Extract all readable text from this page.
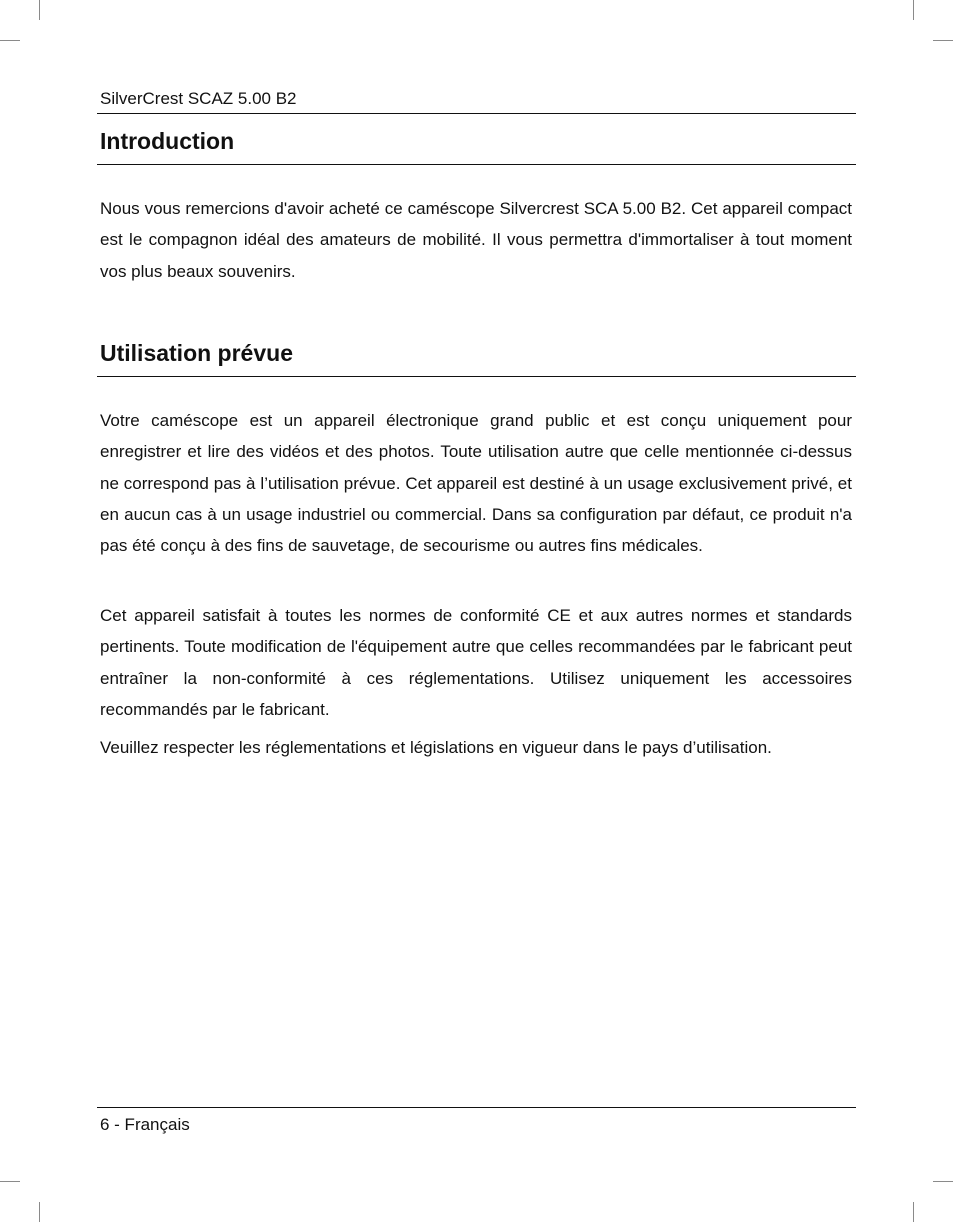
SilverCrest SCAZ 5.00 B2
Introduction

Nous vous remercions d'avoir acheté ce caméscope Silvercrest SCA 5.00 B2. Cet appareil compact est le compagnon idéal des amateurs de mobilité. Il vous permettra d'immortaliser à tout moment vos plus beaux souvenirs.

Utilisation prévue

Votre caméscope est un appareil électronique grand public et est conçu uniquement pour enregistrer et lire des vidéos et des photos. Toute utilisation autre que celle mentionnée ci-dessus ne correspond pas à l’utilisation prévue. Cet appareil est destiné à un usage exclusivement privé, et en aucun cas à un usage industriel ou commercial. Dans sa configuration par défaut, ce produit n'a pas été conçu à des fins de sauvetage, de secourisme ou autres fins médicales.

Cet appareil satisfait à toutes les normes de conformité CE et aux autres normes et standards pertinents. Toute modification de l'équipement autre que celles recommandées par le fabricant peut entraîner la non-conformité à ces réglementations. Utilisez uniquement les accessoires recommandés par le fabricant.

Veuillez respecter les réglementations et législations en vigueur dans le pays d’utilisation.

6 - Français
